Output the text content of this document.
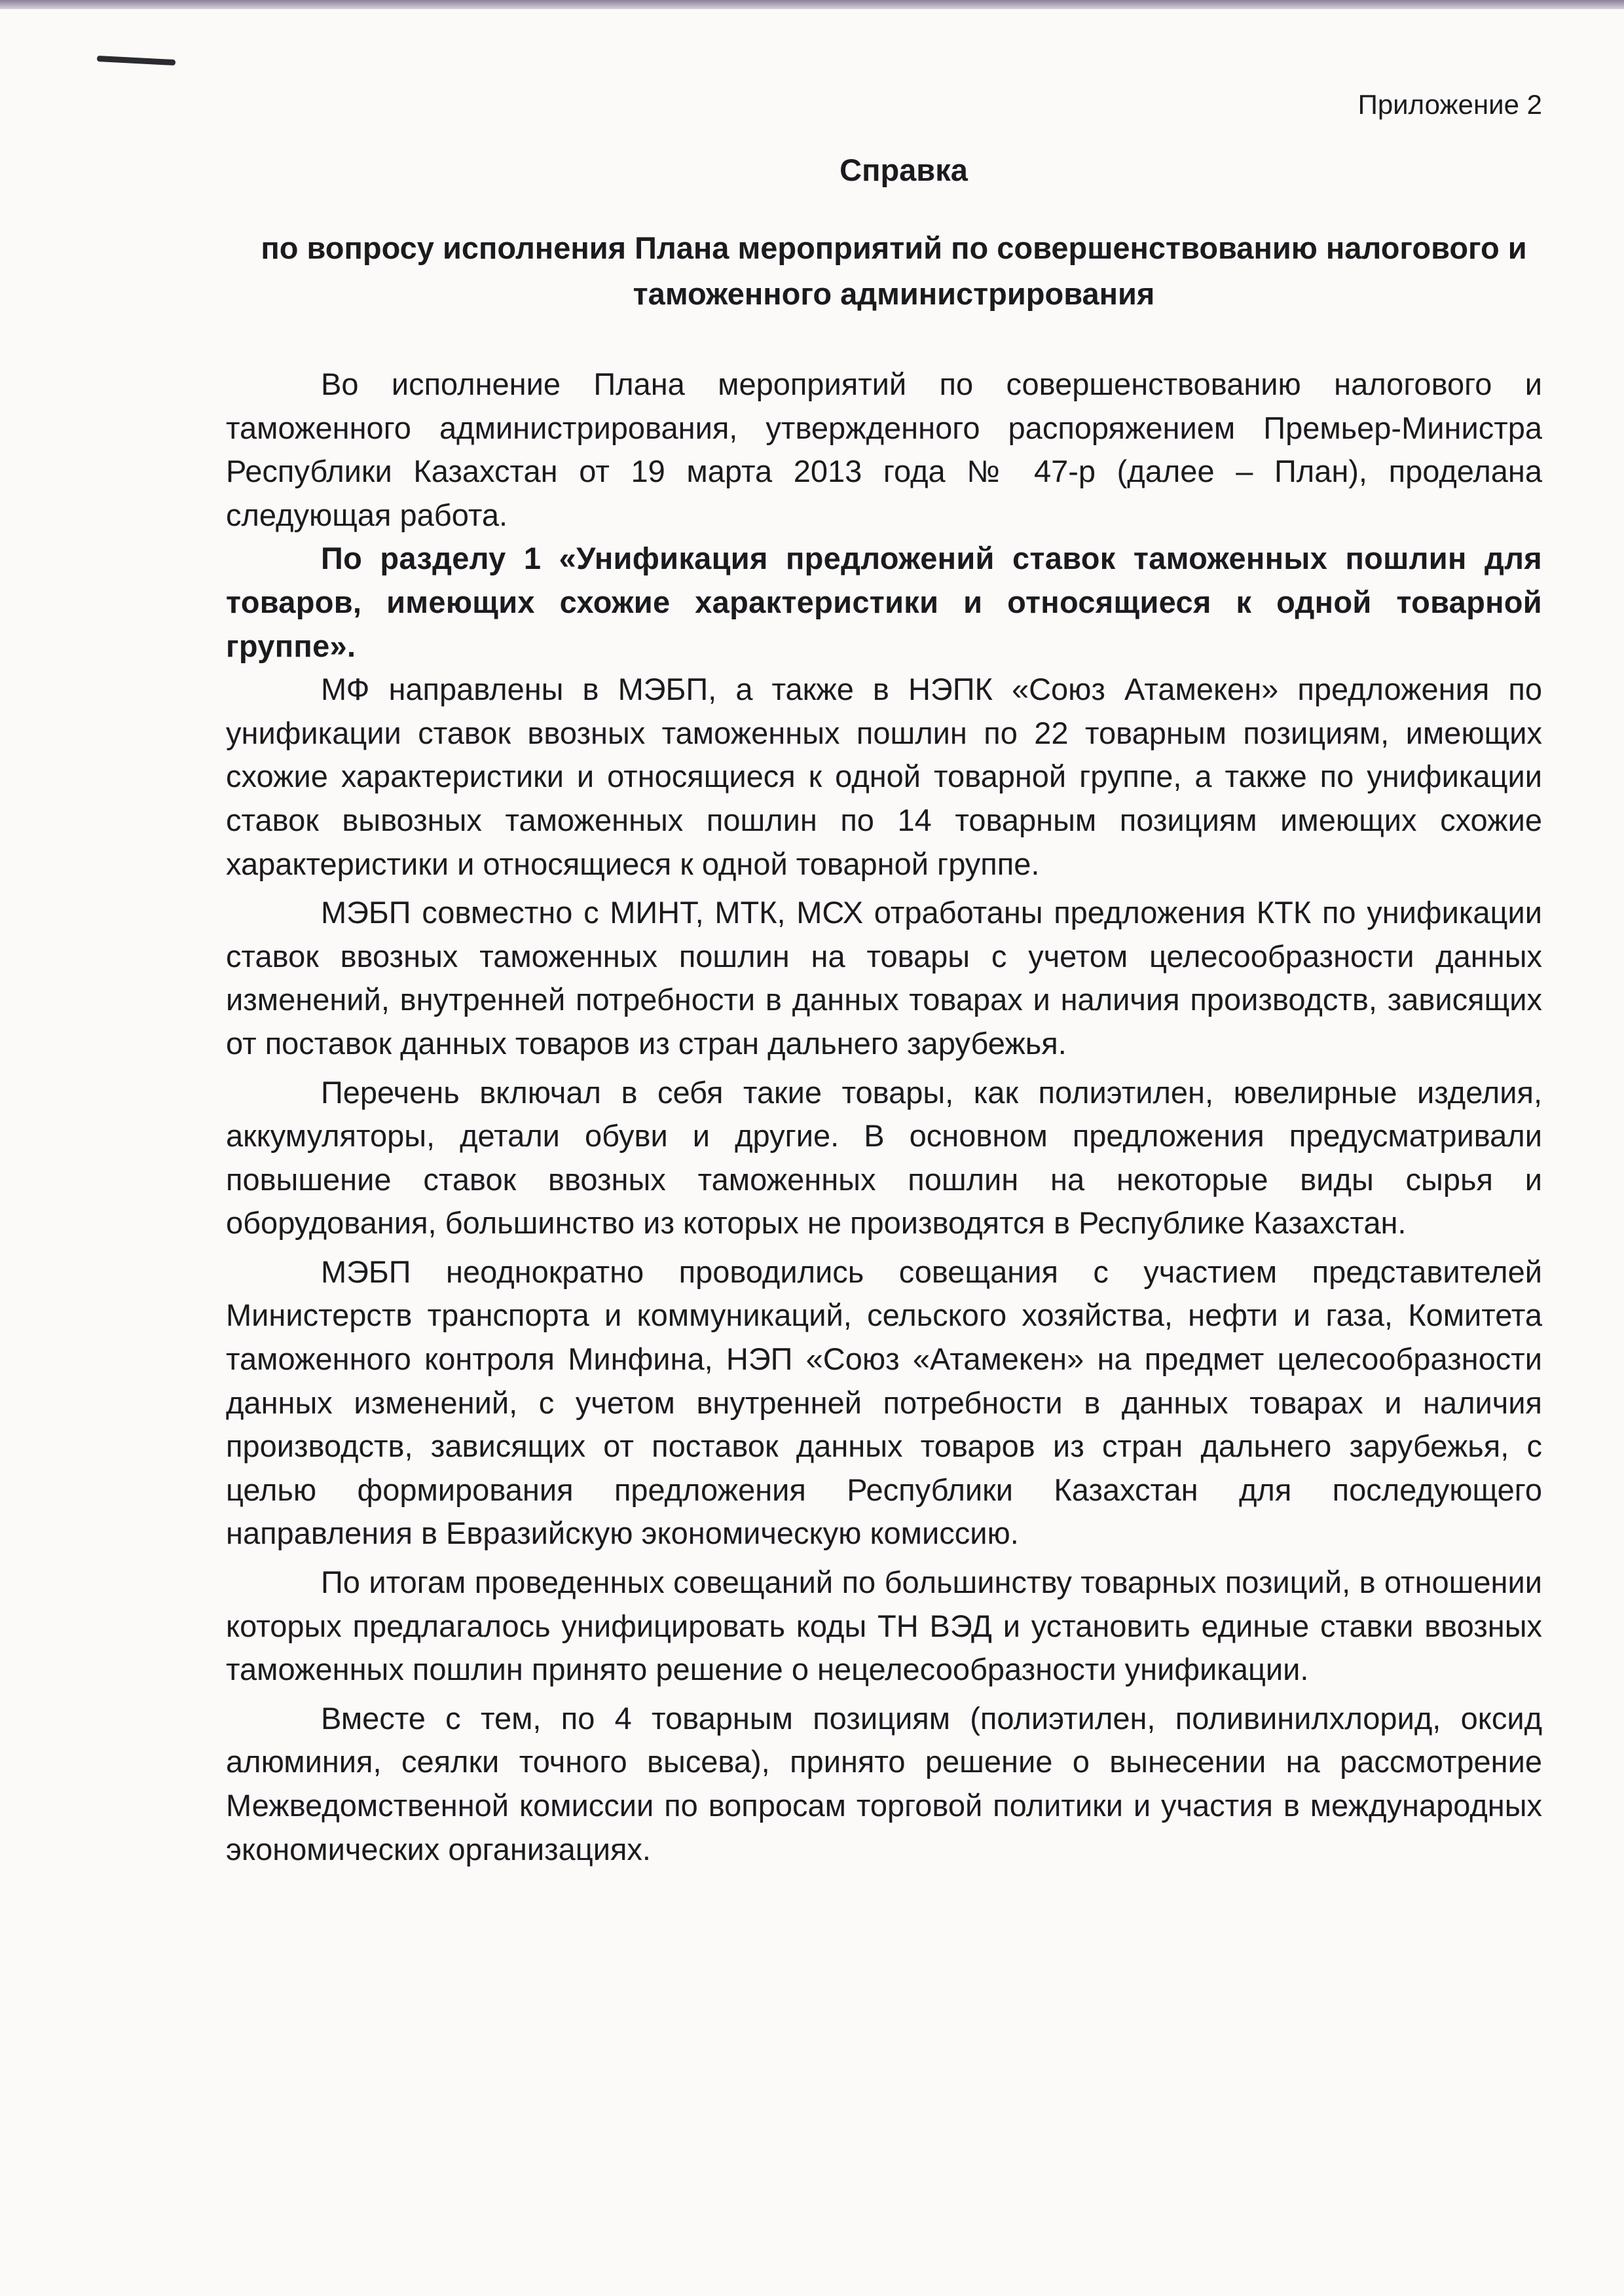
Приложение 2

Справка
по вопросу исполнения Плана мероприятий по совершенствованию налогового и таможенного администрирования

Во исполнение Плана мероприятий по совершенствованию налогового и таможенного администрирования, утвержденного распоряжением Премьер-Министра Республики Казахстан от 19 марта 2013 года № 47-р (далее – План), проделана следующая работа.

По разделу 1 «Унификация предложений ставок таможенных пошлин для товаров, имеющих схожие характеристики и относящиеся к одной товарной группе».

МФ направлены в МЭБП, а также в НЭПК «Союз Атамекен» предложения по унификации ставок ввозных таможенных пошлин по 22 товарным позициям, имеющих схожие характеристики и относящиеся к одной товарной группе, а также по унификации ставок вывозных таможенных пошлин по 14 товарным позициям имеющих схожие характеристики и относящиеся к одной товарной группе.

МЭБП совместно с МИНТ, МТК, МСХ отработаны предложения КТК по унификации ставок ввозных таможенных пошлин на товары с учетом целесообразности данных изменений, внутренней потребности в данных товарах и наличия производств, зависящих от поставок данных товаров из стран дальнего зарубежья.

Перечень включал в себя такие товары, как полиэтилен, ювелирные изделия, аккумуляторы, детали обуви и другие. В основном предложения предусматривали повышение ставок ввозных таможенных пошлин на некоторые виды сырья и оборудования, большинство из которых не производятся в Республике Казахстан.

МЭБП неоднократно проводились совещания с участием представителей Министерств транспорта и коммуникаций, сельского хозяйства, нефти и газа, Комитета таможенного контроля Минфина, НЭП «Союз «Атамекен» на предмет целесообразности данных изменений, с учетом внутренней потребности в данных товарах и наличия производств, зависящих от поставок данных товаров из стран дальнего зарубежья, с целью формирования предложения Республики Казахстан для последующего направления в Евразийскую экономическую комиссию.

По итогам проведенных совещаний по большинству товарных позиций, в отношении которых предлагалось унифицировать коды ТН ВЭД и установить единые ставки ввозных таможенных пошлин принято решение о нецелесообразности унификации.

Вместе с тем, по 4 товарным позициям (полиэтилен, поливинилхлорид, оксид алюминия, сеялки точного высева), принято решение о вынесении на рассмотрение Межведомственной комиссии по вопросам торговой политики и участия в международных экономических организациях.
